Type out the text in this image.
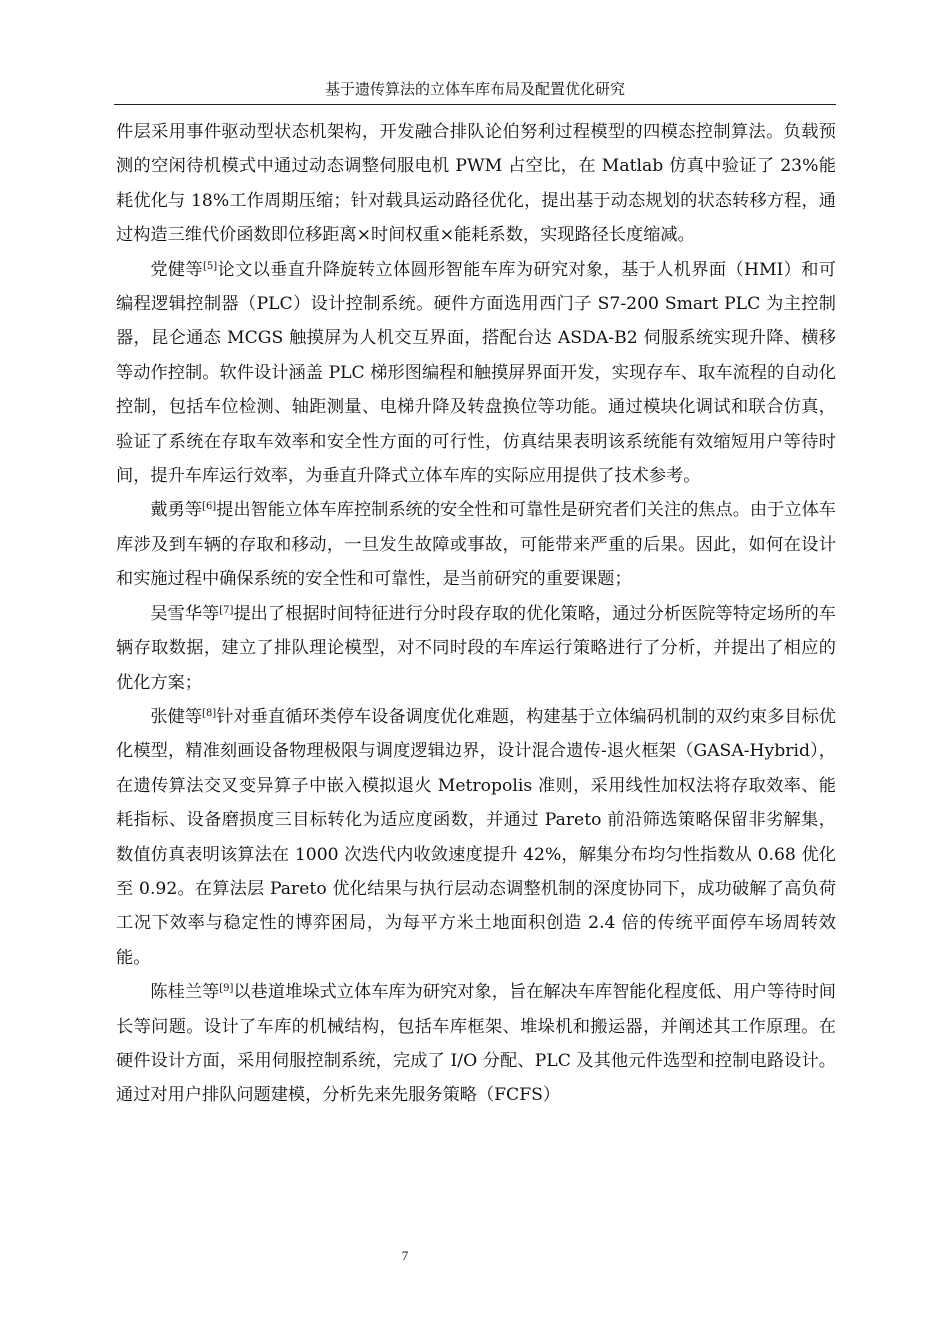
基于遗传算法的立体车库布局及配置优化研究

件层采用事件驱动型状态机架构，开发融合排队论伯努利过程模型的四模态控制算法。负载预测的空闲待机模式中通过动态调整伺服电机 PWM 占空比，在 Matlab 仿真中验证了 23%能耗优化与 18%工作周期压缩；针对载具运动路径优化，提出基于动态规划的状态转移方程，通过构造三维代价函数即位移距离×时间权重×能耗系数，实现路径长度缩减。

党健等[5]论文以垂直升降旋转立体圆形智能车库为研究对象，基于人机界面（HMI）和可编程逻辑控制器（PLC）设计控制系统。硬件方面选用西门子 S7-200 Smart PLC 为主控制器，昆仑通态 MCGS 触摸屏为人机交互界面，搭配台达 ASDA-B2 伺服系统实现升降、横移等动作控制。软件设计涵盖 PLC 梯形图编程和触摸屏界面开发，实现存车、取车流程的自动化控制，包括车位检测、轴距测量、电梯升降及转盘换位等功能。通过模块化调试和联合仿真，验证了系统在存取车效率和安全性方面的可行性，仿真结果表明该系统能有效缩短用户等待时间，提升车库运行效率，为垂直升降式立体车库的实际应用提供了技术参考。

戴勇等[6]提出智能立体车库控制系统的安全性和可靠性是研究者们关注的焦点。由于立体车库涉及到车辆的存取和移动，一旦发生故障或事故，可能带来严重的后果。因此，如何在设计和实施过程中确保系统的安全性和可靠性，是当前研究的重要课题；

吴雪华等[7]提出了根据时间特征进行分时段存取的优化策略，通过分析医院等特定场所的车辆存取数据，建立了排队理论模型，对不同时段的车库运行策略进行了分析，并提出了相应的优化方案；

张健等[8]针对垂直循环类停车设备调度优化难题，构建基于立体编码机制的双约束多目标优化模型，精准刻画设备物理极限与调度逻辑边界，设计混合遗传-退火框架（GASA-Hybrid），在遗传算法交叉变异算子中嵌入模拟退火 Metropolis 准则，采用线性加权法将存取效率、能耗指标、设备磨损度三目标转化为适应度函数，并通过 Pareto 前沿筛选策略保留非劣解集，数值仿真表明该算法在 1000 次迭代内收敛速度提升 42%，解集分布均匀性指数从 0.68 优化至 0.92。在算法层 Pareto 优化结果与执行层动态调整机制的深度协同下，成功破解了高负荷工况下效率与稳定性的博弈困局，为每平方米土地面积创造 2.4 倍的传统平面停车场周转效能。

陈桂兰等[9]以巷道堆垛式立体车库为研究对象，旨在解决车库智能化程度低、用户等待时间长等问题。设计了车库的机械结构，包括车库框架、堆垛机和搬运器，并阐述其工作原理。在硬件设计方面，采用伺服控制系统，完成了 I/O 分配、PLC 及其他元件选型和控制电路设计。通过对用户排队问题建模，分析先来先服务策略（FCFS）

7
